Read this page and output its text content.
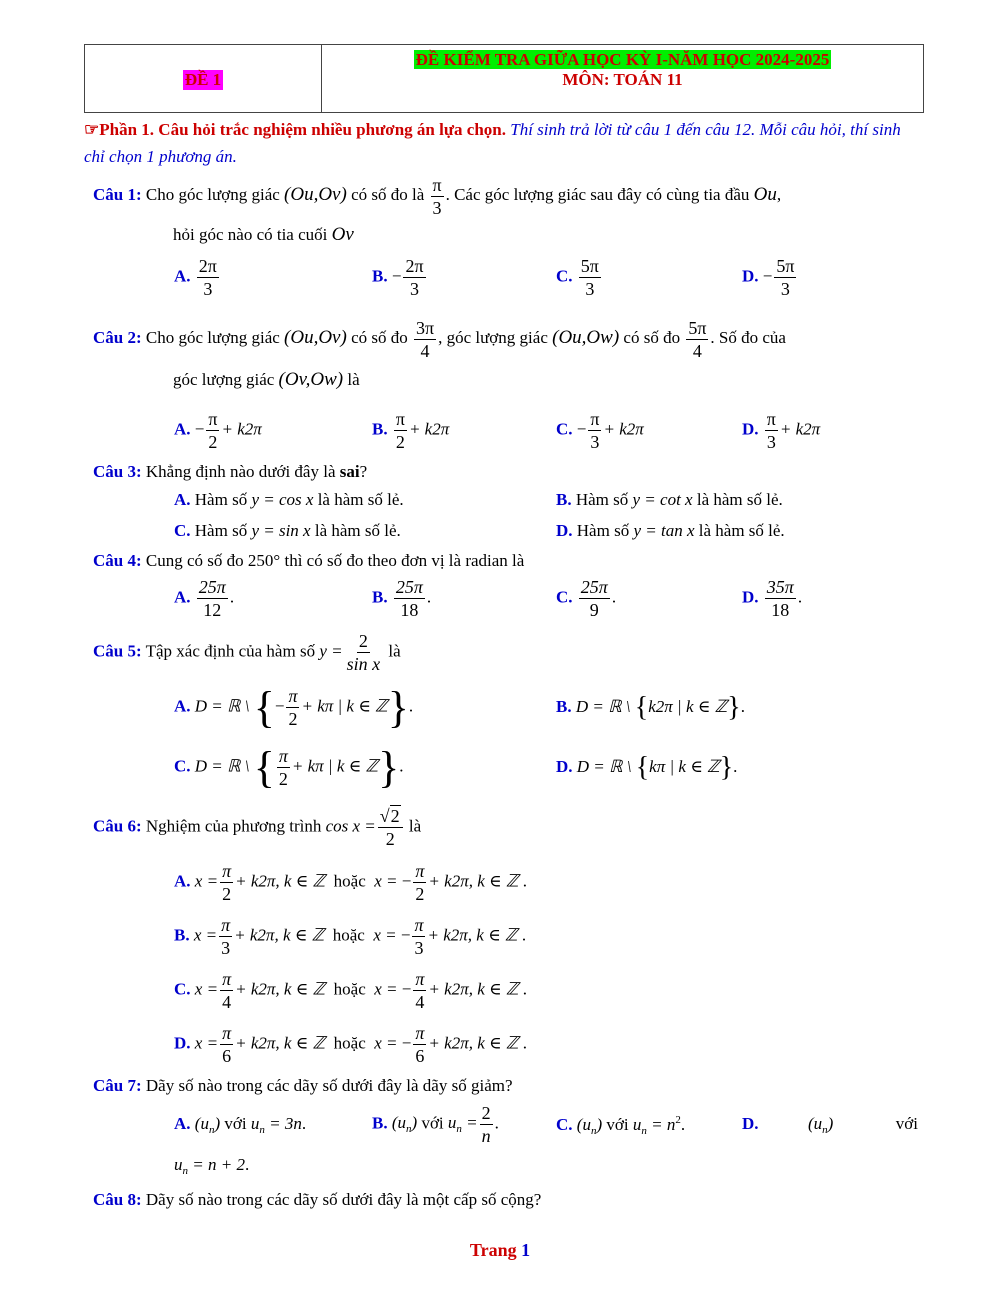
ĐỀ 1
ĐỀ KIỂM TRA GIỮA HỌC KỲ I-NĂM HỌC 2024-2025
MÔN: TOÁN 11
☞Phần 1. Câu hỏi trắc nghiệm nhiều phương án lựa chọn. Thí sinh trả lời từ câu 1 đến câu 12. Mỗi câu hỏi, thí sinh chỉ chọn 1 phương án.
Câu 1: Cho góc lượng giác (Ou,Ov) có số đo là $\frac{\pi}{3}$ . Các góc lượng giác sau đây có cùng tia đầu Ou,
hỏi góc nào có tia cuối Ov
A. $\frac{2\pi}{3}$	B. − $\frac{2\pi}{3}$	C. $\frac{5\pi}{3}$	D. − $\frac{5\pi}{3}$
Câu 2: Cho góc lượng giác (Ou,Ov) có số đo $\frac{3\pi}{4}$ , góc lượng giác (Ou,Ow) có số đo $\frac{5\pi}{4}$ . Số đo của
góc lượng giác (Ov,Ow) là
A. − $\frac{\pi}{2} + k2\pi$	B. $\frac{\pi}{2} + k2\pi$	C. − $\frac{\pi}{3} + k2\pi$	D. $\frac{\pi}{3} + k2\pi$
Câu 3: Khẳng định nào dưới đây là sai?
A. Hàm số y = cos x là hàm số lẻ.	B. Hàm số y = cot x là hàm số lẻ.
C. Hàm số y = sin x là hàm số lẻ.	D. Hàm số y = tan x là hàm số lẻ.
Câu 4: Cung có số đo 250° thì có số đo theo đơn vị là radian là
A. $\frac{25\pi}{12}$ .	B. $\frac{25\pi}{18}$ .	C. $\frac{25\pi}{9}$ .	D. $\frac{35\pi}{18}$ .
Câu 5: Tập xác định của hàm số $y = \frac{2}{\text{sin x}}$ là
A. D = ℝ \ {− $\frac{\pi}{2} + k\pi$ | k ∈ ℤ}.	B. D = ℝ \ {k2π | k ∈ ℤ}.
C. D = ℝ \ { $\frac{\pi}{2} + k\pi$ | k ∈ ℤ}.	D. D = ℝ \ {kπ | k ∈ ℤ}.
Câu 6: Nghiệm của phương trình $\cos x = \frac{√2}{2}$ là
A. $x = \frac{\pi}{2} + k2\pi$, k ∈ ℤ hoặc x = − $\frac{\pi}{2} + k2\pi$, k ∈ ℤ .
B. $x = \frac{\pi}{3} + k2\pi$, k ∈ ℤ hoặc x = − $\frac{\pi}{3} + k2\pi$, k ∈ ℤ .
C. $x = \frac{\pi}{4} + k2\pi$, k ∈ ℤ hoặc x = − $\frac{\pi}{4} + k2\pi$, k ∈ ℤ .
D. $x = \frac{\pi}{6} + k2\pi$, k ∈ ℤ hoặc x = − $\frac{\pi}{6} + k2\pi$, k ∈ ℤ .
Câu 7: Dãy số nào trong các dãy số dưới đây là dãy số giảm?
A. $(u_n)$ với $u_n = 3n$.	B. $(u_n)$ với $u_n = \frac{2}{n}$ .	C. $(u_n)$ với $u_n = n^2$.	D.	$(u_n)$	với
$u_n = n + 2$.
Câu 8: Dãy số nào trong các dãy số dưới đây là một cấp số cộng?
Trang 1
